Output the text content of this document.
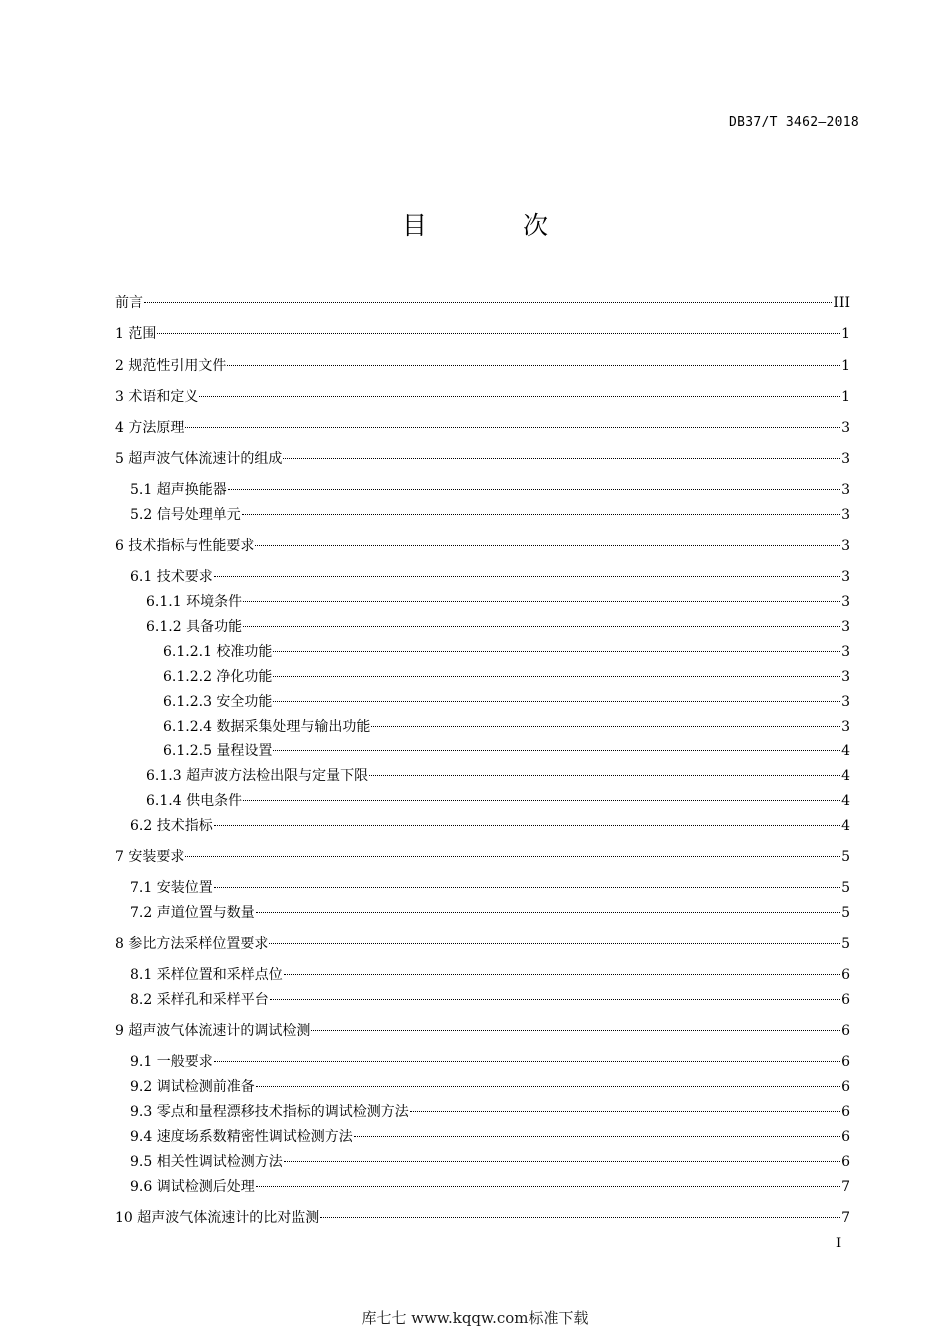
DB37/T 3462—2018
目 次
前言	III
1 范围	1
2 规范性引用文件	1
3 术语和定义	1
4 方法原理	3
5 超声波气体流速计的组成	3
5.1 超声换能器	3
5.2 信号处理单元	3
6 技术指标与性能要求	3
6.1 技术要求	3
6.1.1 环境条件	3
6.1.2 具备功能	3
6.1.2.1 校准功能	3
6.1.2.2 净化功能	3
6.1.2.3 安全功能	3
6.1.2.4 数据采集处理与输出功能	3
6.1.2.5 量程设置	4
6.1.3 超声波方法检出限与定量下限	4
6.1.4 供电条件	4
6.2 技术指标	4
7 安装要求	5
7.1 安装位置	5
7.2 声道位置与数量	5
8 参比方法采样位置要求	5
8.1 采样位置和采样点位	6
8.2 采样孔和采样平台	6
9 超声波气体流速计的调试检测	6
9.1 一般要求	6
9.2 调试检测前准备	6
9.3 零点和量程漂移技术指标的调试检测方法	6
9.4 速度场系数精密性调试检测方法	6
9.5 相关性调试检测方法	6
9.6 调试检测后处理	7
10 超声波气体流速计的比对监测	7
I
库七七 www.kqqw.com标准下载
